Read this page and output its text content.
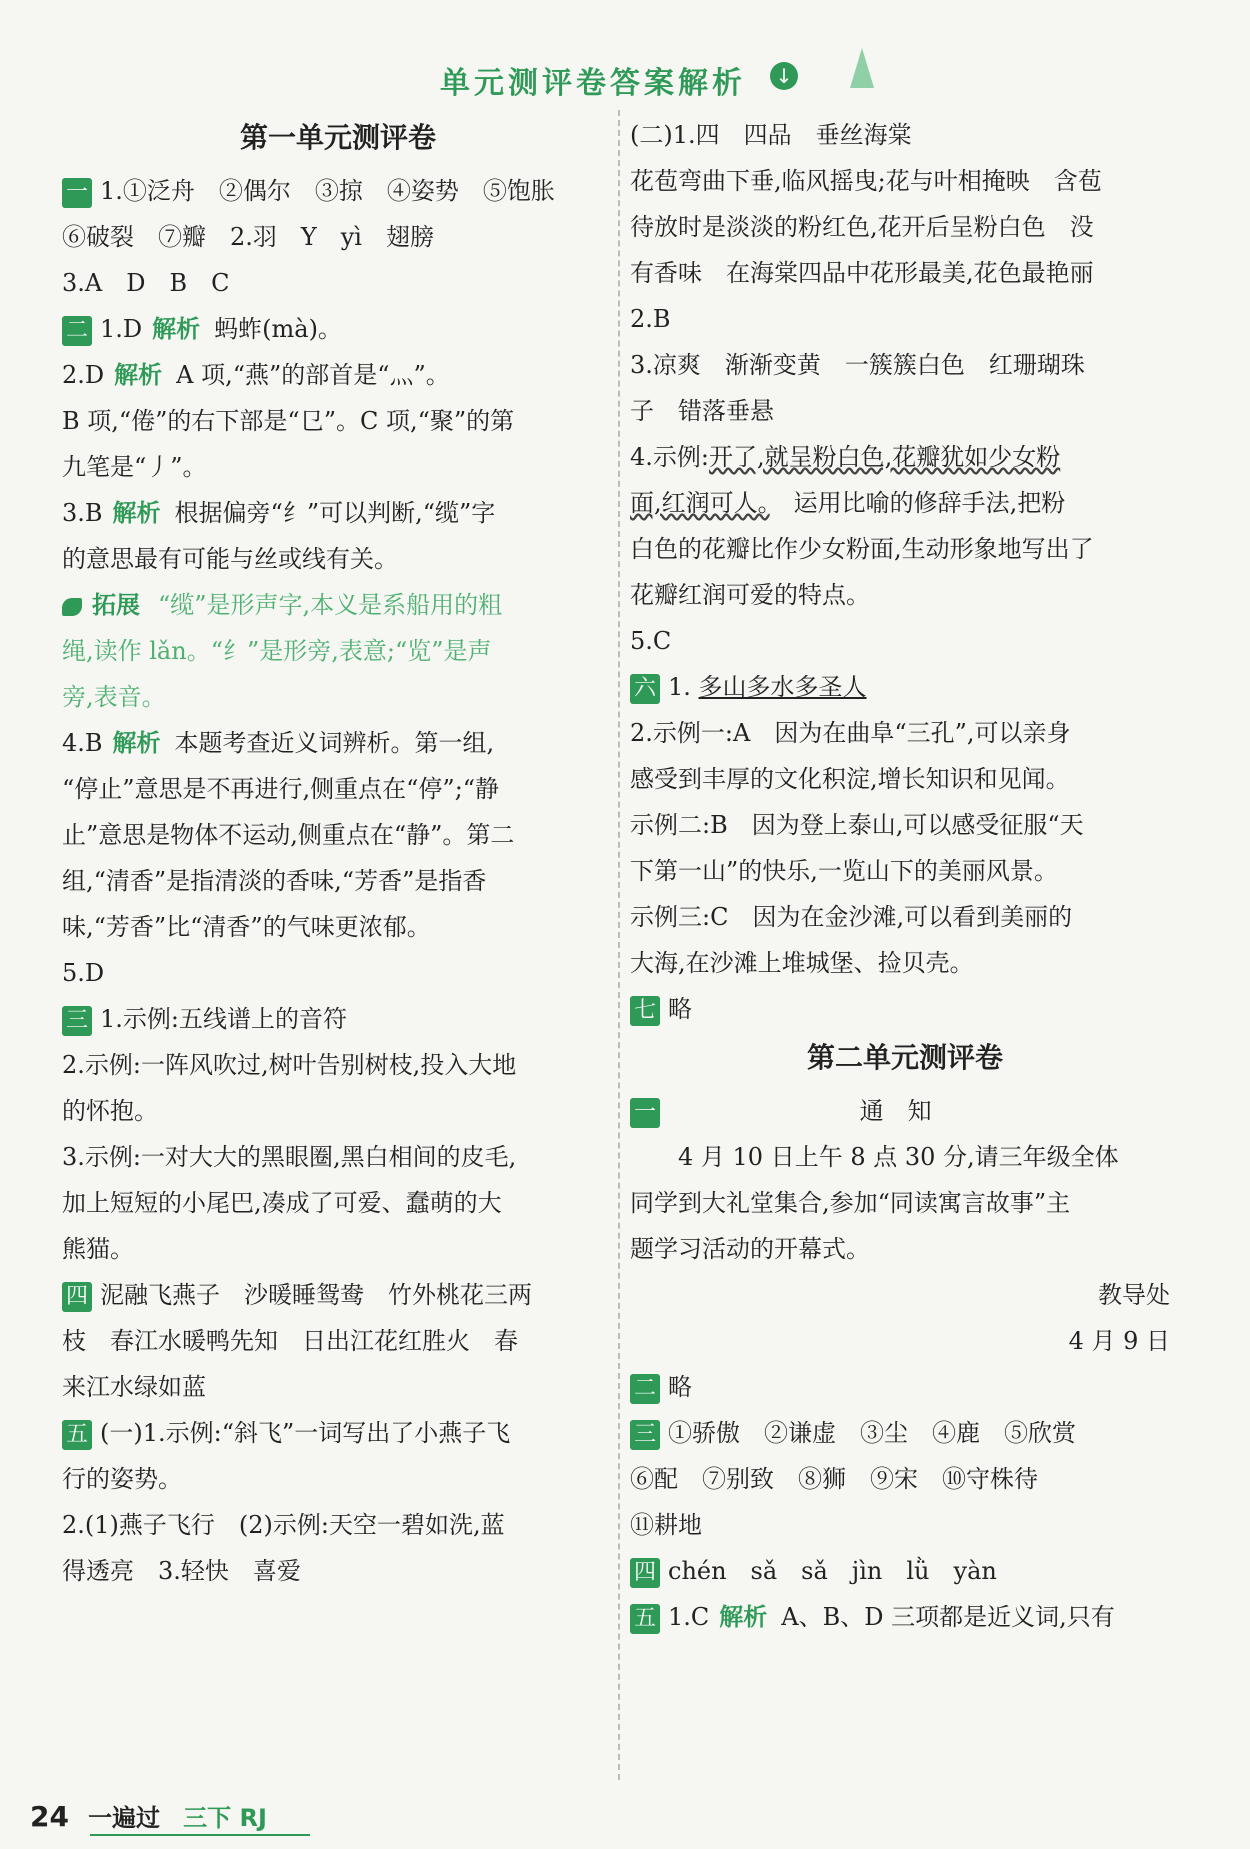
单元测评卷答案解析 ↓
第一单元测评卷
一 1.①泛舟　②偶尔　③掠　④姿势　⑤饱胀
⑥破裂　⑦瓣　2.羽　Y　yì　翅膀
3.A　D　B　C
二 1.D 解析 蚂蚱(mà)。
2.D 解析 A 项,“燕”的部首是“灬”。
B 项,“倦”的右下部是“㔾”。C 项,“聚”的第
九笔是“丿”。
3.B 解析 根据偏旁“纟”可以判断,“缆”字
的意思最有可能与丝或线有关。
拓展 “缆”是形声字,本义是系船用的粗
绳,读作 lǎn。“纟”是形旁,表意;“览”是声
旁,表音。
4.B 解析 本题考查近义词辨析。第一组,
“停止”意思是不再进行,侧重点在“停”;“静
止”意思是物体不运动,侧重点在“静”。第二
组,“清香”是指清淡的香味,“芳香”是指香
味,“芳香”比“清香”的气味更浓郁。
5.D
三 1.示例:五线谱上的音符
2.示例:一阵风吹过,树叶告别树枝,投入大地
的怀抱。
3.示例:一对大大的黑眼圈,黑白相间的皮毛,
加上短短的小尾巴,凑成了可爱、蠢萌的大
熊猫。
四 泥融飞燕子　沙暖睡鸳鸯　竹外桃花三两
枝　春江水暖鸭先知　日出江花红胜火　春
来江水绿如蓝
五 (一)1.示例:“斜飞”一词写出了小燕子飞
行的姿势。
2.(1)燕子飞行　(2)示例:天空一碧如洗,蓝
得透亮　3.轻快　喜爱
(二)1.四　四品　垂丝海棠
花苞弯曲下垂,临风摇曳;花与叶相掩映　含苞
待放时是淡淡的粉红色,花开后呈粉白色　没
有香味　在海棠四品中花形最美,花色最艳丽
2.B
3.凉爽　渐渐变黄　一簇簇白色　红珊瑚珠
子　错落垂悬
4.示例:开了,就呈粉白色,花瓣犹如少女粉
面,红润可人。　运用比喻的修辞手法,把粉
白色的花瓣比作少女粉面,生动形象地写出了
花瓣红润可爱的特点。
5.C
六 1. 多山多水多圣人
2.示例一:A　因为在曲阜“三孔”,可以亲身
感受到丰厚的文化积淀,增长知识和见闻。
示例二:B　因为登上泰山,可以感受征服“天
下第一山”的快乐,一览山下的美丽风景。
示例三:C　因为在金沙滩,可以看到美丽的
大海,在沙滩上堆城堡、捡贝壳。
七 略
第二单元测评卷
一	通　知
4 月 10 日上午 8 点 30 分,请三年级全体
同学到大礼堂集合,参加“同读寓言故事”主
题学习活动的开幕式。
教导处
4 月 9 日
二 略
三 ①骄傲　②谦虚　③尘　④鹿　⑤欣赏
⑥配　⑦别致　⑧狮　⑨宋　⑩守株待
⑪耕地
四 chén　sǎ　sǎ　jìn　lǜ　yàn
五 1.C 解析 A、B、D 三项都是近义词,只有
24 一遍过 三下 RJ
